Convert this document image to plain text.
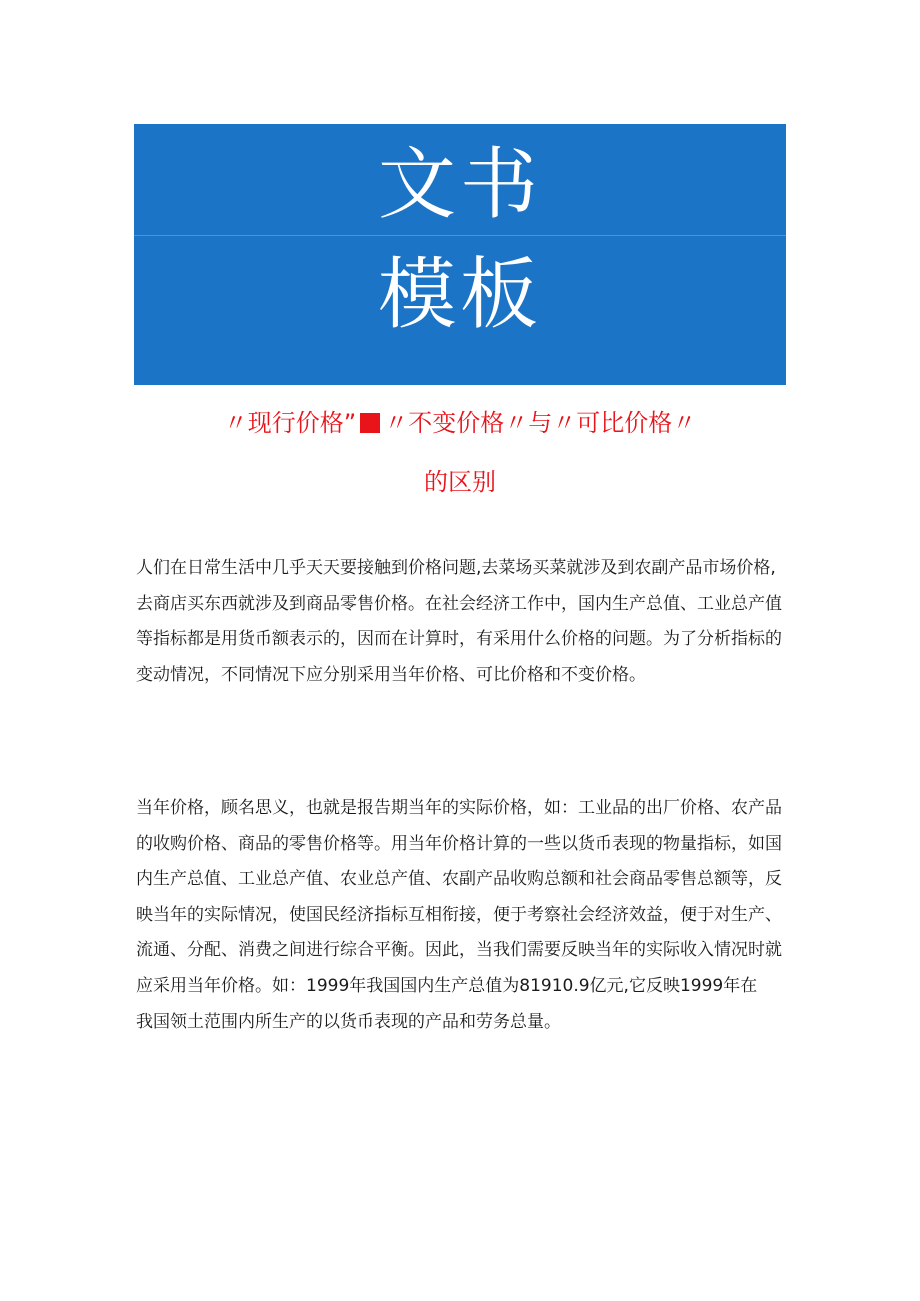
文书
模板
〃现行价格” 〃不变价格〃与〃可比价格〃
的区别
人们在日常生活中几乎天天要接触到价格问题,去菜场买菜就涉及到农副产品市场价格,
去商店买东西就涉及到商品零售价格。在社会经济工作中，国内生产总值、工业总产值
等指标都是用货币额表示的，因而在计算时，有采用什么价格的问题。为了分析指标的
变动情况，不同情况下应分别采用当年价格、可比价格和不变价格。
当年价格，顾名思义，也就是报告期当年的实际价格，如：工业品的出厂价格、农产品
的收购价格、商品的零售价格等。用当年价格计算的一些以货币表现的物量指标，如国
内生产总值、工业总产值、农业总产值、农副产品收购总额和社会商品零售总额等，反
映当年的实际情况，使国民经济指标互相衔接，便于考察社会经济效益，便于对生产、
流通、分配、消费之间进行综合平衡。因此，当我们需要反映当年的实际收入情况时就
应采用当年价格。如：1999年我国国内生产总值为81910.9亿元,它反映1999年在
我国领土范围内所生产的以货币表现的产品和劳务总量。
